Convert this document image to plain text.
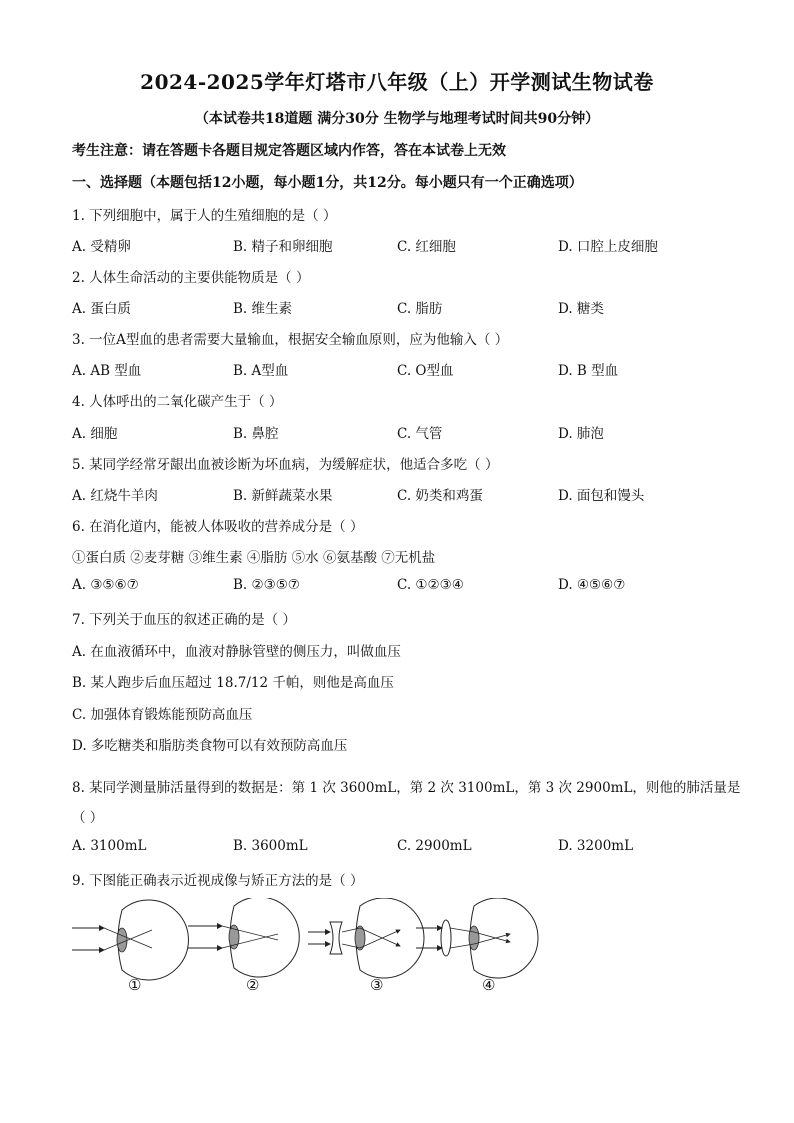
2024-2025学年灯塔市八年级（上）开学测试生物试卷
（本试卷共18道题 满分30分 生物学与地理考试时间共90分钟）
考生注意：请在答题卡各题目规定答题区域内作答，答在本试卷上无效
一、选择题（本题包括12小题，每小题1分，共12分。每小题只有一个正确选项）
1. 下列细胞中，属于人的生殖细胞的是（ ）
A. 受精卵	B. 精子和卵细胞	C. 红细胞	D. 口腔上皮细胞
2. 人体生命活动的主要供能物质是（ ）
A. 蛋白质	B. 维生素	C. 脂肪	D. 糖类
3. 一位A型血的患者需要大量输血，根据安全输血原则，应为他输入（ ）
A. AB 型血	B. A型血	C. O型血	D. B 型血
4. 人体呼出的二氧化碳产生于（ ）
A. 细胞	B. 鼻腔	C. 气管	D. 肺泡
5. 某同学经常牙龈出血被诊断为坏血病，为缓解症状，他适合多吃（ ）
A. 红烧牛羊肉	B. 新鲜蔬菜水果	C. 奶类和鸡蛋	D. 面包和馒头
6. 在消化道内，能被人体吸收的营养成分是（ ）
①蛋白质 ②麦芽糖 ③维生素 ④脂肪 ⑤水 ⑥氨基酸 ⑦无机盐
A. ③⑤⑥⑦	B. ②③⑤⑦	C. ①②③④	D. ④⑤⑥⑦
7. 下列关于血压的叙述正确的是（ ）
A. 在血液循环中，血液对静脉管壁的侧压力，叫做血压
B. 某人跑步后血压超过 18.7/12 千帕，则他是高血压
C. 加强体育锻炼能预防高血压
D. 多吃糖类和脂肪类食物可以有效预防高血压
8. 某同学测量肺活量得到的数据是：第 1 次 3600mL，第 2 次 3100mL，第 3 次 2900mL，则他的肺活量是
（ ）
A. 3100mL	B. 3600mL	C. 2900mL	D. 3200mL
9. 下图能正确表示近视成像与矫正方法的是（ ）
①	②	③	④
